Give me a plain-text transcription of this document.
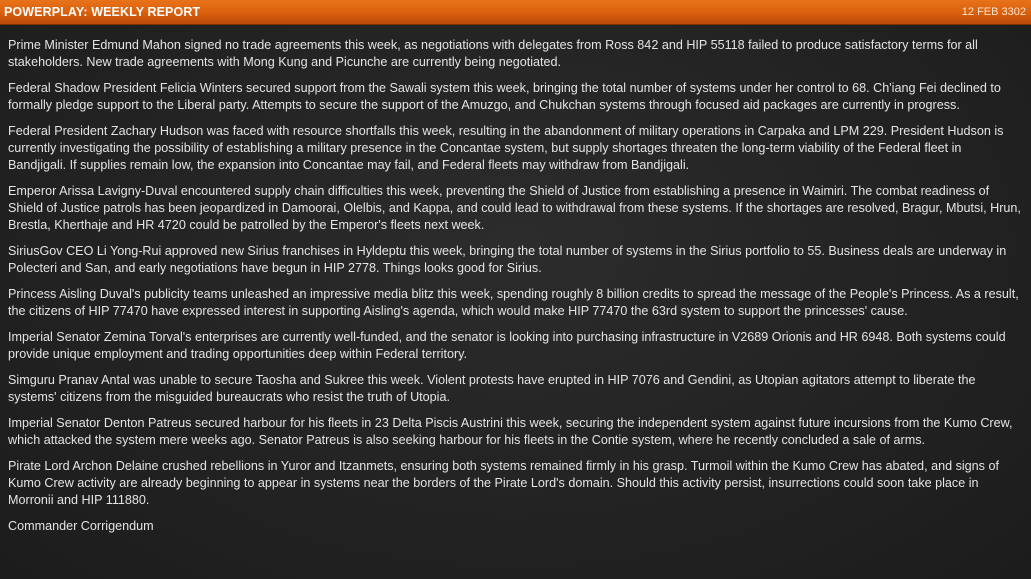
POWERPLAY: WEEKLY REPORT	12 FEB 3302

Prime Minister Edmund Mahon signed no trade agreements this week, as negotiations with delegates from Ross 842 and HIP 55118 failed to produce satisfactory terms for all stakeholders. New trade agreements with Mong Kung and Picunche are currently being negotiated.

Federal Shadow President Felicia Winters secured support from the Sawali system this week, bringing the total number of systems under her control to 68. Ch'iang Fei declined to formally pledge support to the Liberal party. Attempts to secure the support of the Amuzgo, and Chukchan systems through focused aid packages are currently in progress.

Federal President Zachary Hudson was faced with resource shortfalls this week, resulting in the abandonment of military operations in Carpaka and LPM 229. President Hudson is currently investigating the possibility of establishing a military presence in the Concantae system, but supply shortages threaten the long-term viability of the Federal fleet in Bandjigali. If supplies remain low, the expansion into Concantae may fail, and Federal fleets may withdraw from Bandjigali.

Emperor Arissa Lavigny-Duval encountered supply chain difficulties this week, preventing the Shield of Justice from establishing a presence in Waimiri. The combat readiness of Shield of Justice patrols has been jeopardized in Damoorai, Olelbis, and Kappa, and could lead to withdrawal from these systems. If the shortages are resolved, Bragur, Mbutsi, Hrun, Brestla, Kherthaje and HR 4720 could be patrolled by the Emperor's fleets next week.

SiriusGov CEO Li Yong-Rui approved new Sirius franchises in Hyldeptu this week, bringing the total number of systems in the Sirius portfolio to 55. Business deals are underway in Polecteri and San, and early negotiations have begun in HIP 2778. Things looks good for Sirius.

Princess Aisling Duval's publicity teams unleashed an impressive media blitz this week, spending roughly 8 billion credits to spread the message of the People's Princess. As a result, the citizens of HIP 77470 have expressed interest in supporting Aisling's agenda, which would make HIP 77470 the 63rd system to support the princesses' cause.

Imperial Senator Zemina Torval's enterprises are currently well-funded, and the senator is looking into purchasing infrastructure in V2689 Orionis and HR 6948. Both systems could provide unique employment and trading opportunities deep within Federal territory.

Simguru Pranav Antal was unable to secure Taosha and Sukree this week. Violent protests have erupted in HIP 7076 and Gendini, as Utopian agitators attempt to liberate the systems' citizens from the misguided bureaucrats who resist the truth of Utopia.

Imperial Senator Denton Patreus secured harbour for his fleets in 23 Delta Piscis Austrini this week, securing the independent system against future incursions from the Kumo Crew, which attacked the system mere weeks ago. Senator Patreus is also seeking harbour for his fleets in the Contie system, where he recently concluded a sale of arms.

Pirate Lord Archon Delaine crushed rebellions in Yuror and Itzanmets, ensuring both systems remained firmly in his grasp. Turmoil within the Kumo Crew has abated, and signs of Kumo Crew activity are already beginning to appear in systems near the borders of the Pirate Lord's domain. Should this activity persist, insurrections could soon take place in Morronii and HIP 111880.

Commander Corrigendum
